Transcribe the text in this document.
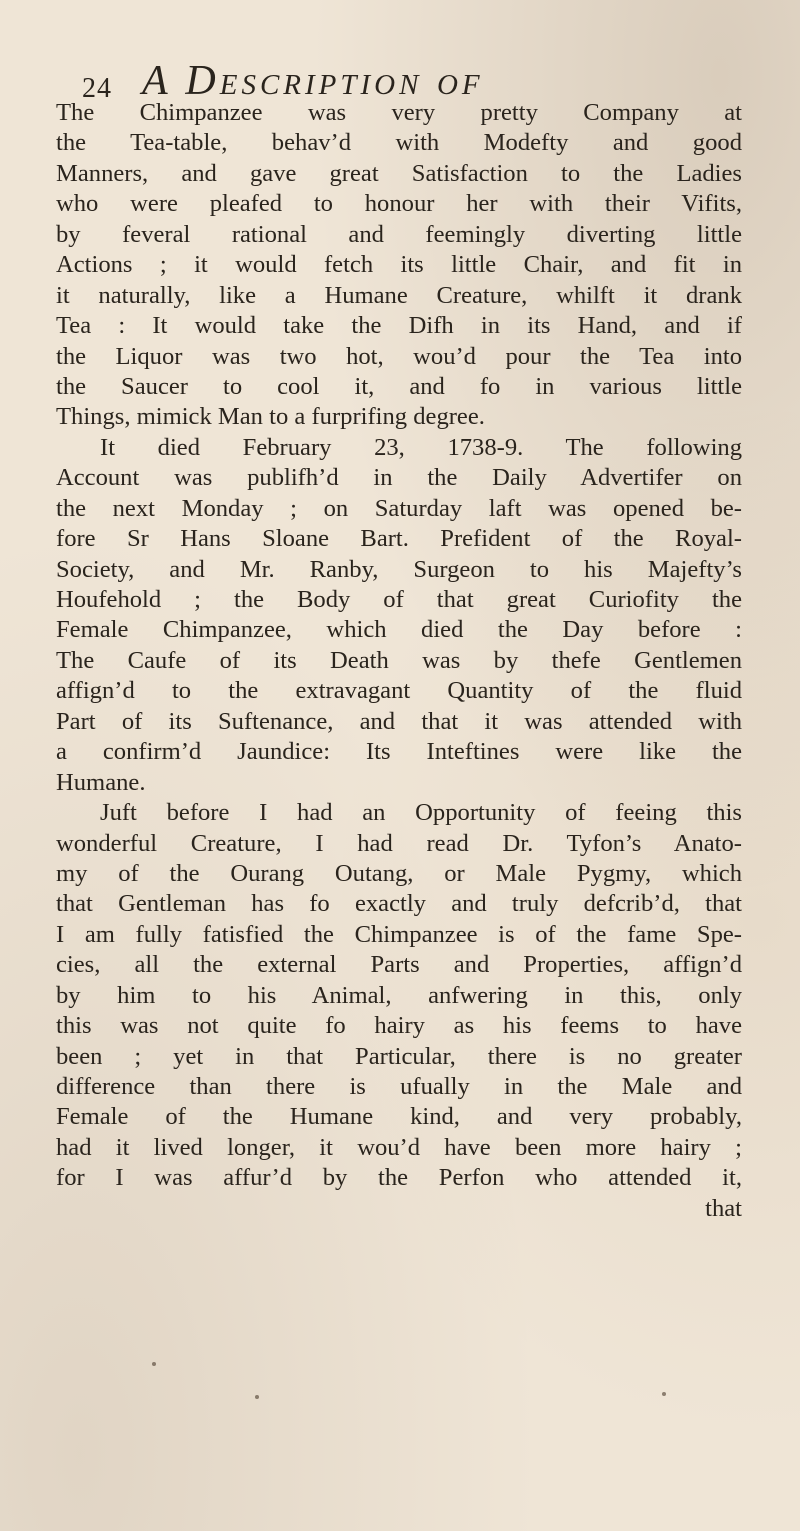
24 A Description of
The Chimpanzee was very pretty Company at
the Tea-table, behav’d with Modefty and good
Manners, and gave great Satisfaction to the Ladies
who were pleafed to honour her with their Vifits,
by feveral rational and feemingly diverting little
Actions ; it would fetch its little Chair, and fit in
it naturally, like a Humane Creature, whilft it drank
Tea : It would take the Difh in its Hand, and if
the Liquor was two hot, wou’d pour the Tea into
the Saucer to cool it, and fo in various little
Things, mimick Man to a furprifing degree.
It died February 23, 1738-9. The following
Account was publifh’d in the Daily Advertifer on
the next Monday ; on Saturday laft was opened be-
fore Sr Hans Sloane Bart. Prefident of the Royal-
Society, and Mr. Ranby, Surgeon to his Majefty’s
Houfehold ; the Body of that great Curiofity the
Female Chimpanzee, which died the Day before :
The Caufe of its Death was by thefe Gentlemen
affign’d to the extravagant Quantity of the fluid
Part of its Suftenance, and that it was attended with
a confirm’d Jaundice: Its Inteftines were like the
Humane.
Juft before I had an Opportunity of feeing this
wonderful Creature, I had read Dr. Tyfon’s Anato-
my of the Ourang Outang, or Male Pygmy, which
that Gentleman has fo exactly and truly defcrib’d, that
I am fully fatisfied the Chimpanzee is of the fame Spe-
cies, all the external Parts and Properties, affign’d
by him to his Animal, anfwering in this, only
this was not quite fo hairy as his feems to have
been ; yet in that Particular, there is no greater
difference than there is ufually in the Male and
Female of the Humane kind, and very probably,
had it lived longer, it wou’d have been more hairy ;
for I was affur’d by the Perfon who attended it,
that
